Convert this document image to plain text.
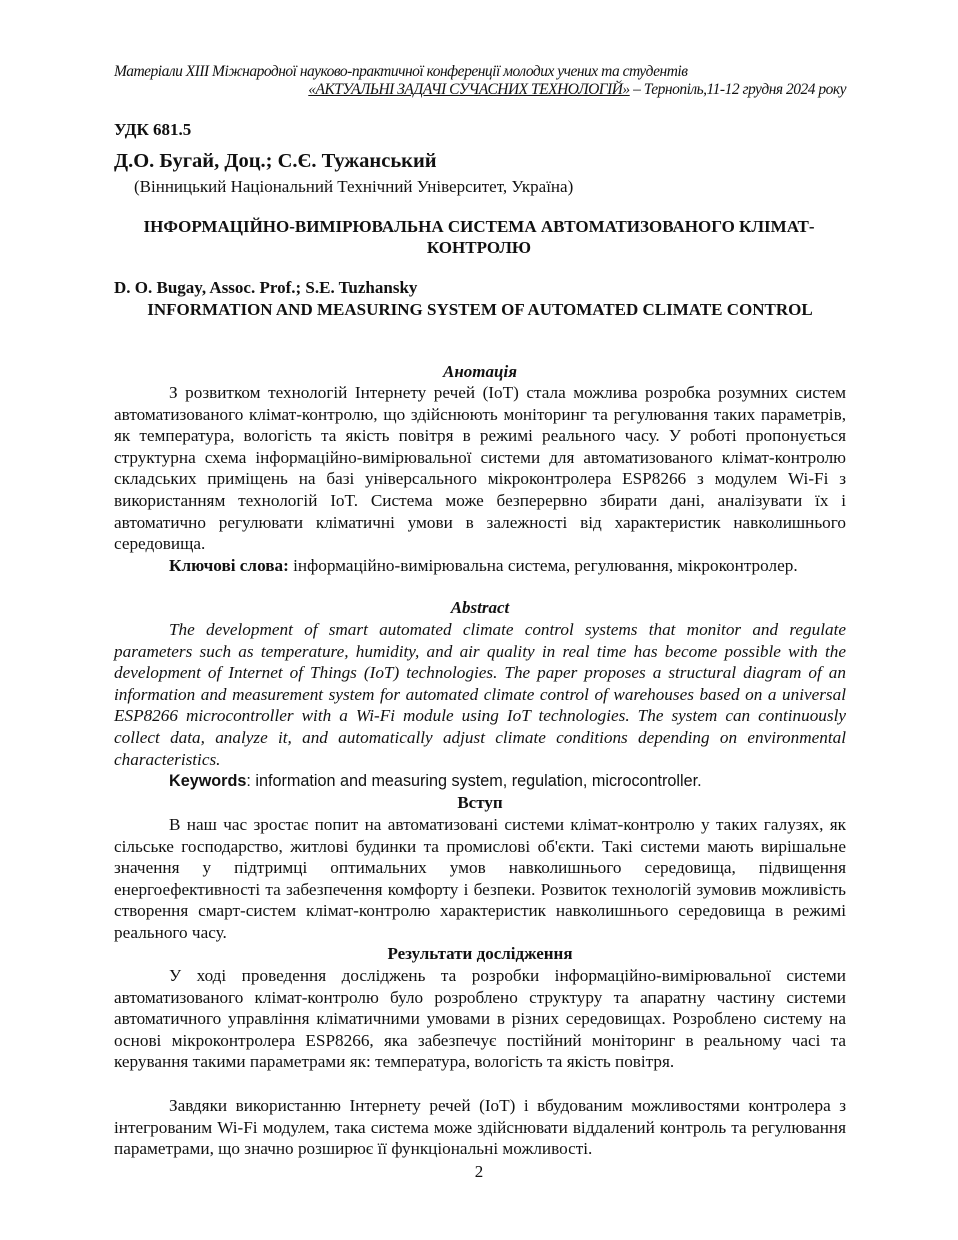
Матеріали XIII Міжнародної науково-практичної конференції молодих учених та студентів
«АКТУАЛЬНІ ЗАДАЧІ СУЧАСНИХ ТЕХНОЛОГІЙ» – Тернопіль,11-12 грудня 2024 року
УДК 681.5
Д.О. Бугай, Доц.; С.Є. Тужанський
(Вінницький Національний Технічний Університет, Україна)
ІНФОРМАЦІЙНО-ВИМІРЮВАЛЬНА СИСТЕМА АВТОМАТИЗОВАНОГО КЛІМАТ-КОНТРОЛЮ
D. O. Bugay, Assoc. Prof.; S.E. Tuzhansky
INFORMATION AND MEASURING SYSTEM OF AUTOMATED CLIMATE CONTROL
Анотація
З розвитком технологій Інтернету речей (IoT) стала можлива розробка розумних систем автоматизованого клімат-контролю, що здійснюють моніторинг та регулювання таких параметрів, як температура, вологість та якість повітря в режимі реального часу. У роботі пропонується структурна схема інформаційно-вимірювальної системи для автоматизованого клімат-контролю складських приміщень на базі універсального мікроконтролера ESP8266 з модулем Wi-Fi з використанням технологій IoT. Система може безперервно збирати дані, аналізувати їх і автоматично регулювати кліматичні умови в залежності від характеристик навколишнього середовища.
Ключові слова: інформаційно-вимірювальна система, регулювання, мікроконтролер.
Abstract
The development of smart automated climate control systems that monitor and regulate parameters such as temperature, humidity, and air quality in real time has become possible with the development of Internet of Things (IoT) technologies. The paper proposes a structural diagram of an information and measurement system for automated climate control of warehouses based on a universal ESP8266 microcontroller with a Wi-Fi module using IoT technologies. The system can continuously collect data, analyze it, and automatically adjust climate conditions depending on environmental characteristics.
Keywords: information and measuring system, regulation, microcontroller.
Вступ
В наш час зростає попит на автоматизовані системи клімат-контролю у таких галузях, як сільське господарство, житлові будинки та промислові об'єкти. Такі системи мають вирішальне значення у підтримці оптимальних умов навколишнього середовища, підвищення енергоефективності та забезпечення комфорту і безпеки. Розвиток технологій зумовив можливість створення смарт-систем клімат-контролю характеристик навколишнього середовища в режимі реального часу.
Результати дослідження
У ході проведення досліджень та розробки інформаційно-вимірювальної системи автоматизованого клімат-контролю було розроблено структуру та апаратну частину системи автоматичного управління кліматичними умовами в різних середовищах. Розроблено систему на основі мікроконтролера ESP8266, яка забезпечує постійний моніторинг в реальному часі та керування такими параметрами як: температура, вологість та якість повітря.
Завдяки використанню Інтернету речей (IoT) і вбудованим можливостями контролера з інтегрованим Wi-Fi модулем, така система може здійснювати віддалений контроль та регулювання параметрами, що значно розширює її функціональні можливості.
2
